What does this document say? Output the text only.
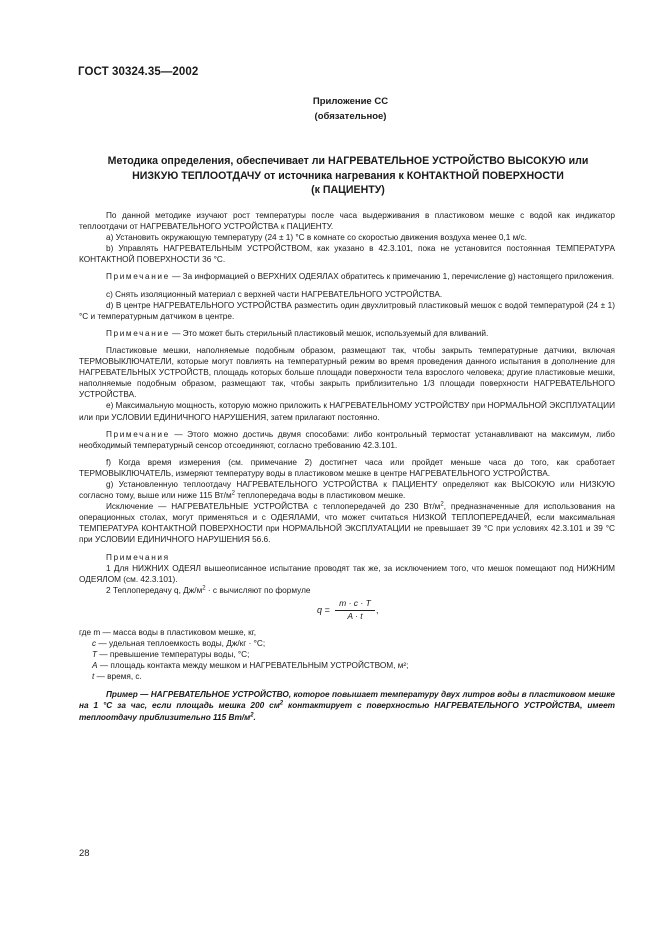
ГОСТ 30324.35—2002
Приложение СС
(обязательное)
Методика определения, обеспечивает ли НАГРЕВАТЕЛЬНОЕ УСТРОЙСТВО ВЫСОКУЮ или
НИЗКУЮ ТЕПЛООТДАЧУ от источника нагревания к КОНТАКТНОЙ ПОВЕРХНОСТИ
(к ПАЦИЕНТУ)

По данной методике изучают рост температуры после часа выдерживания в пластиковом мешке с водой как индикатор теплоотдачи от НАГРЕВАТЕЛЬНОГО УСТРОЙСТВА к ПАЦИЕНТУ.

a) Установить окружающую температуру (24 ± 1) °С в комнате со скоростью движения воздуха менее 0,1 м/с.

b) Управлять НАГРЕВАТЕЛЬНЫМ УСТРОЙСТВОМ, как указано в 42.3.101, пока не установится постоянная ТЕМПЕРАТУРА КОНТАКТНОЙ ПОВЕРХНОСТИ 36 °С.

Примечание — За информацией о ВЕРХНИХ ОДЕЯЛАХ обратитесь к примечанию 1, перечисление g) настоящего приложения.

c) Снять изоляционный материал с верхней части НАГРЕВАТЕЛЬНОГО УСТРОЙСТВА.

d) В центре НАГРЕВАТЕЛЬНОГО УСТРОЙСТВА разместить один двухлитровый пластиковый мешок с водой температурой (24 ± 1) °С и температурным датчиком в центре.

Примечание — Это может быть стерильный пластиковый мешок, используемый для вливаний.

Пластиковые мешки, наполняемые подобным образом, размещают так, чтобы закрыть температурные датчики, включая ТЕРМОВЫКЛЮЧАТЕЛИ, которые могут повлиять на температурный режим во время проведения данного испытания в дополнение для НАГРЕВАТЕЛЬНЫХ УСТРОЙСТВ, площадь которых больше площади поверхности тела взрослого человека; другие пластиковые мешки, наполняемые подобным образом, размещают так, чтобы закрыть приблизительно 1/3 площади поверхности НАГРЕВАТЕЛЬНОГО УСТРОЙСТВА.

e) Максимальную мощность, которую можно приложить к НАГРЕВАТЕЛЬНОМУ УСТРОЙСТВУ при НОРМАЛЬНОЙ ЭКСПЛУАТАЦИИ или при УСЛОВИИ ЕДИНИЧНОГО НАРУШЕНИЯ, затем прилагают постоянно.

Примечание — Этого можно достичь двумя способами: либо контрольный термостат устанавливают на максимум, либо необходимый температурный сенсор отсоединяют, согласно требованию 42.3.101.

f) Когда время измерения (см. примечание 2) достигнет часа или пройдет меньше часа до того, как сработает ТЕРМОВЫКЛЮЧАТЕЛЬ, измеряют температуру воды в пластиковом мешке в центре НАГРЕВАТЕЛЬНОГО УСТРОЙСТВА.

g) Установленную теплоотдачу НАГРЕВАТЕЛЬНОГО УСТРОЙСТВА к ПАЦИЕНТУ определяют как ВЫСОКУЮ или НИЗКУЮ согласно тому, выше или ниже 115 $Вт/м^2$ теплопередача воды в пластиковом мешке.

Исключение — НАГРЕВАТЕЛЬНЫЕ УСТРОЙСТВА с теплопередачей до 230 $Вт/м^2$, предназначенные для использования на операционных столах, могут применяться и с ОДЕЯЛАМИ, что может считаться НИЗКОЙ ТЕПЛОПЕРЕДАЧЕЙ, если максимальная ТЕМПЕРАТУРА КОНТАКТНОЙ ПОВЕРХНОСТИ при НОРМАЛЬНОЙ ЭКСПЛУАТАЦИИ не превышает 39 °С при условиях 42.3.101 и 39 °С при УСЛОВИИ ЕДИНИЧНОГО НАРУШЕНИЯ 56.6.

Примечания

1 Для НИЖНИХ ОДЕЯЛ вышеописанное испытание проводят так же, за исключением того, что мешок помещают под НИЖНИМ ОДЕЯЛОМ (см. 42.3.101).

2 Теплопередачу q, $Дж/м^2 \cdot с$ вычисляют по формуле

q =
m · c · T
A · t
,

где m — масса воды в пластиковом мешке, кг,

c — удельная теплоемкость воды, Дж/кг · °С;

T — превышение температуры воды, °С;

A — площадь контакта между мешком и НАГРЕВАТЕЛЬНЫМ УСТРОЙСТВОМ, м²;

t — время, с.

Пример — НАГРЕВАТЕЛЬНОЕ УСТРОЙСТВО, которое повышает температуру двух литров воды в пластиковом мешке на 1 °С за час, если площадь мешка 200 $см^2$ контактирует с поверхностью НАГРЕВАТЕЛЬНОГО УСТРОЙСТВА, имеет теплоотдачу приблизительно 115 $Вт/м^2$.

28
